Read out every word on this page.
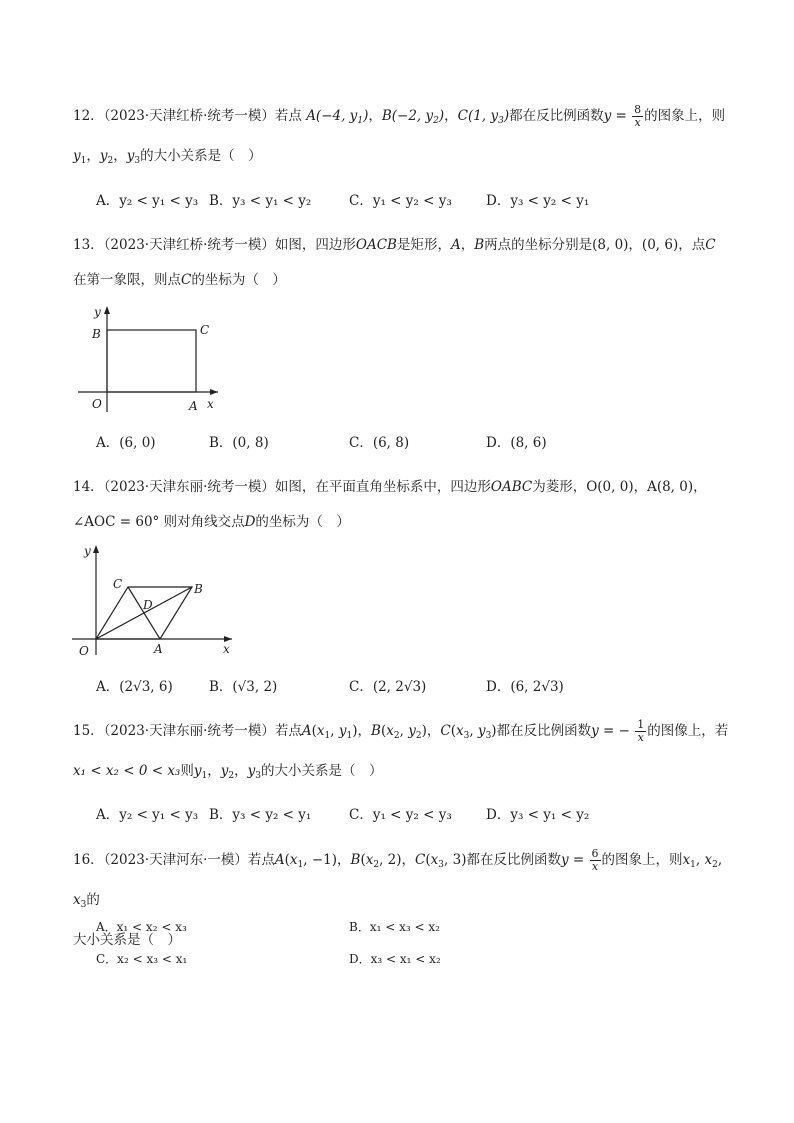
12．（2023·天津红桥·统考一模）若点 A(−4, $y_1$)，B(−2, $y_2$)，C(1, $y_3$)都在反比例函数$y = \frac{8}{x}$ 的图象上，则
$y_1$，$y_2$，$y_3$的大小关系是（　）
A．y₂ < y₁ < y₃ B．y₃ < y₁ < y₂	C．y₁ < y₂ < y₃	D．y₃ < y₂ < y₁
13．（2023·天津红桥·统考一模）如图，四边形OACB是矩形，A，B两点的坐标分别是(8, 0)，(0, 6)，点C
在第一象限，则点C的坐标为（　）
y
x
B	C
O	A
A．(6, 0)	B．(0, 8)	C．(6, 8)	D．(8, 6)
14．（2023·天津东丽·统考一模）如图，在平面直角坐标系中，四边形OABC为菱形，O(0, 0)，A(8, 0)，
∠AOC = 60° 则对角线交点D的坐标为（　）
y
x
C	B
D
O	A
A．(2√3, 6)	B．(√3, 2)	C．(2, 2√3)	D．(6, 2√3)
15．（2023·天津东丽·统考一模）若点$A(x_1$, $y_1$)，$B(x_2$, $y_2$)，$C(x_3$, $y_3$)都在反比例函数y = − $\frac{1}{x}$ 的图像上，若
x₁ < x₂ < 0 < x₃则$y_1$，$y_2$，$y_3$的大小关系是（　）
A．y₂ < y₁ < y₃ B．y₃ < y₂ < y₁	C．y₁ < y₂ < y₃	D．y₃ < y₁ < y₂
16．（2023·天津河东·一模）若点$A(x_1$, −1)，$B(x_2$, 2)，$C(x_3$, 3)都在反比例函数$y = \frac{6}{x}$ 的图象上，则$x_1$, $x_2$, $x_3$的
大小关系是（　）
A．x₁ < x₂ < x₃	B．x₁ < x₃ < x₂
C．x₂ < x₃ < x₁	D．x₃ < x₁ < x₂
